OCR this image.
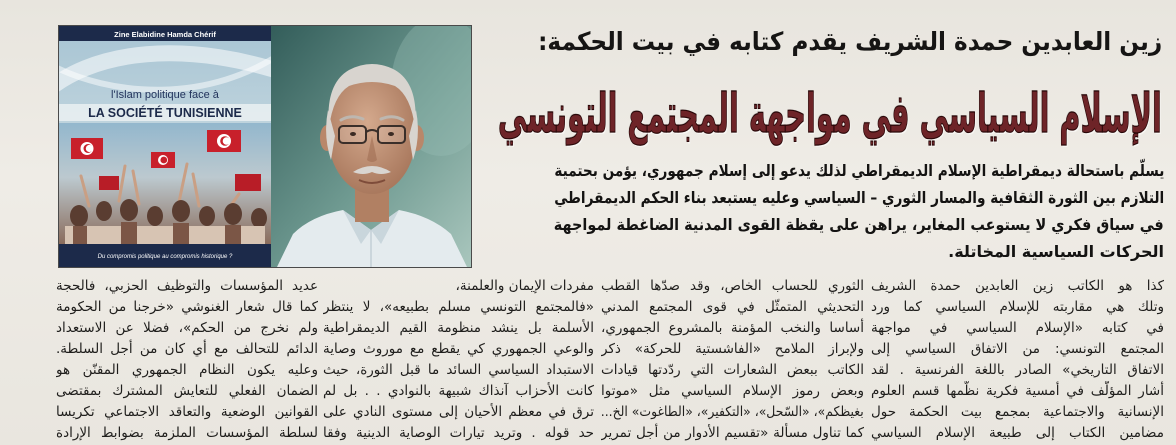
Zine Elabidine Hamda Chérif
l'Islam politique face à
LA SOCIÉTÉ TUNISIENNE
Du compromis politique au compromis historique ?
زين العابدين حمدة الشريف يقدم كتابه في بيت الحكمة:
الإسلام السياسي في مواجهة المجتمع التونسي
يسلّم باستحالة ديمقراطية الإسلام الديمقراطي لذلك يدعو إلى إسلام جمهوري، يؤمن بحتمية
التلازم بين الثورة الثقافية والمسار الثوري – السياسي وعليه يستبعد بناء الحكم الديمقراطي
في سياق فكري لا يستوعب المغاير، يراهن على يقظة القوى المدنية الضاغطة لمواجهة
الحركات السياسية المخاتلة.
كذا هو الكاتب زين العابدين حمدة الشريف
وتلك هي مقاربته للإسلام السياسي كما ورد
في كتابه «الإسلام السياسي في مواجهة
المجتمع التونسي: من الاتفاق السياسي إلى
الاتفاق التاريخي» الصادر باللغة الفرنسية . لقد
أشار المؤلّف في أمسية فكرية نظّمها قسم العلوم
الإنسانية والاجتماعية بمجمع بيت الحكمة حول
مضامين الكتاب إلى طبيعة الإسلام السياسي
الثوري للحساب الخاص، وقد صدّها القطب
التحديثي المتمثّل في قوى المجتمع المدني
أساسا والنخب المؤمنة بالمشروع الجمهوري،
ولإبراز الملامح «الفاشستية للحركة» ذكر
الكاتب ببعض الشعارات التي ردّدتها قيادات
وبعض رموز الإسلام السياسي مثل «موتوا
بغيظكم»، «السّحل»، «التكفير»، «الطاغوت» الخ...
كما تناول مسألة «تقسيم الأدوار من أجل تمرير
مفردات الإيمان والعلمنة،
«فالمجتمع التونسي مسلم بطبيعه»، لا ينتظر
الأسلمة بل ينشد منظومة القيم الديمقراطية
والوعي الجمهوري كي يقطع مع موروث وصاية
الاستبداد السياسي السائد ما قبل الثورة، حيث
كانت الأحزاب آنذاك شبيهة بالنوادي . . بل لم
ترق في معظم الأحيان إلى مستوى النادي على
حد قوله . وتريد تيارات الوصاية الدينية وفقا
عديد المؤسسات والتوظيف الحزبي، فالحجة
كما قال شعار الغنوشي «خرجنا من الحكومة
ولم نخرج من الحكم»، فضلا عن الاستعداد
الدائم للتحالف مع أي كان من أجل السلطة.
وعليه يكون النظام الجمهوري المقنّن هو
الضمان الفعلي للتعايش المشترك بمقتضى
القوانين الوضعية والتعاقد الاجتماعي تكريسا
لسلطة المؤسسات الملزمة بضوابط الإرادة
